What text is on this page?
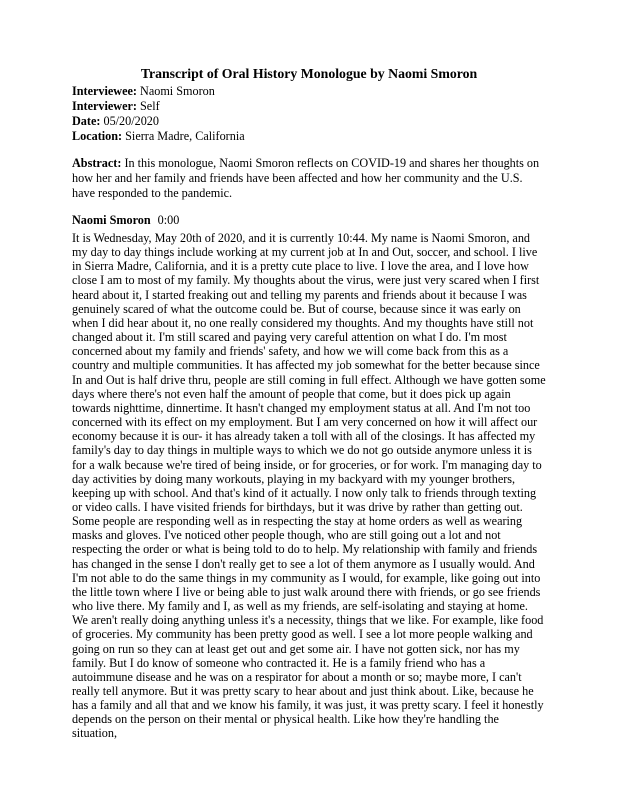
Transcript of Oral History Monologue by Naomi Smoron

Interviewee: Naomi Smoron

Interviewer: Self

Date: 05/20/2020

Location: Sierra Madre, California

Abstract: In this monologue, Naomi Smoron reflects on COVID-19 and shares her thoughts on how her and her family and friends have been affected and how her community and the U.S. have responded to the pandemic.

Naomi Smoron 0:00

It is Wednesday, May 20th of 2020, and it is currently 10:44. My name is Naomi Smoron, and my day to day things include working at my current job at In and Out, soccer, and school. I live in Sierra Madre, California, and it is a pretty cute place to live. I love the area, and I love how close I am to most of my family. My thoughts about the virus, were just very scared when I first heard about it, I started freaking out and telling my parents and friends about it because I was genuinely scared of what the outcome could be. But of course, because since it was early on when I did hear about it, no one really considered my thoughts. And my thoughts have still not changed about it. I'm still scared and paying very careful attention on what I do. I'm most concerned about my family and friends' safety, and how we will come back from this as a country and multiple communities. It has affected my job somewhat for the better because since In and Out is half drive thru, people are still coming in full effect. Although we have gotten some days where there's not even half the amount of people that come, but it does pick up again towards nighttime, dinnertime. It hasn't changed my employment status at all. And I'm not too concerned with its effect on my employment. But I am very concerned on how it will affect our economy because it is our- it has already taken a toll with all of the closings. It has affected my family's day to day things in multiple ways to which we do not go outside anymore unless it is for a walk because we're tired of being inside, or for groceries, or for work. I'm managing day to day activities by doing many workouts, playing in my backyard with my younger brothers, keeping up with school. And that's kind of it actually. I now only talk to friends through texting or video calls. I have visited friends for birthdays, but it was drive by rather than getting out. Some people are responding well as in respecting the stay at home orders as well as wearing masks and gloves. I've noticed other people though, who are still going out a lot and not respecting the order or what is being told to do to help. My relationship with family and friends has changed in the sense I don't really get to see a lot of them anymore as I usually would. And I'm not able to do the same things in my community as I would, for example, like going out into the little town where I live or being able to just walk around there with friends, or go see friends who live there. My family and I, as well as my friends, are self-isolating and staying at home. We aren't really doing anything unless it's a necessity, things that we like. For example, like food of groceries. My community has been pretty good as well. I see a lot more people walking and going on run so they can at least get out and get some air. I have not gotten sick, nor has my family. But I do know of someone who contracted it. He is a family friend who has a autoimmune disease and he was on a respirator for about a month or so; maybe more, I can't really tell anymore. But it was pretty scary to hear about and just think about. Like, because he has a family and all that and we know his family, it was just, it was pretty scary. I feel it honestly depends on the person on their mental or physical health. Like how they're handling the situation,
